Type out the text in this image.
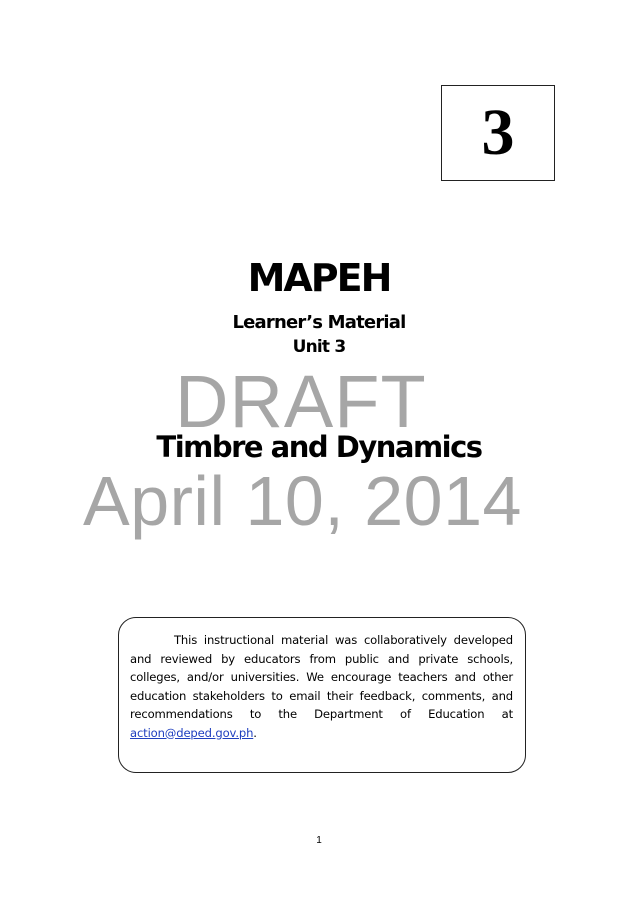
3
MAPEH
Learner’s Material
Unit 3
DRAFT
Timbre and Dynamics
April 10, 2014

This instructional material was collaboratively developed and reviewed by educators from public and private schools, colleges, and/or universities. We encourage teachers and other education stakeholders to email their feedback, comments, and recommendations to the Department of Education at action@deped.gov.ph.

1
